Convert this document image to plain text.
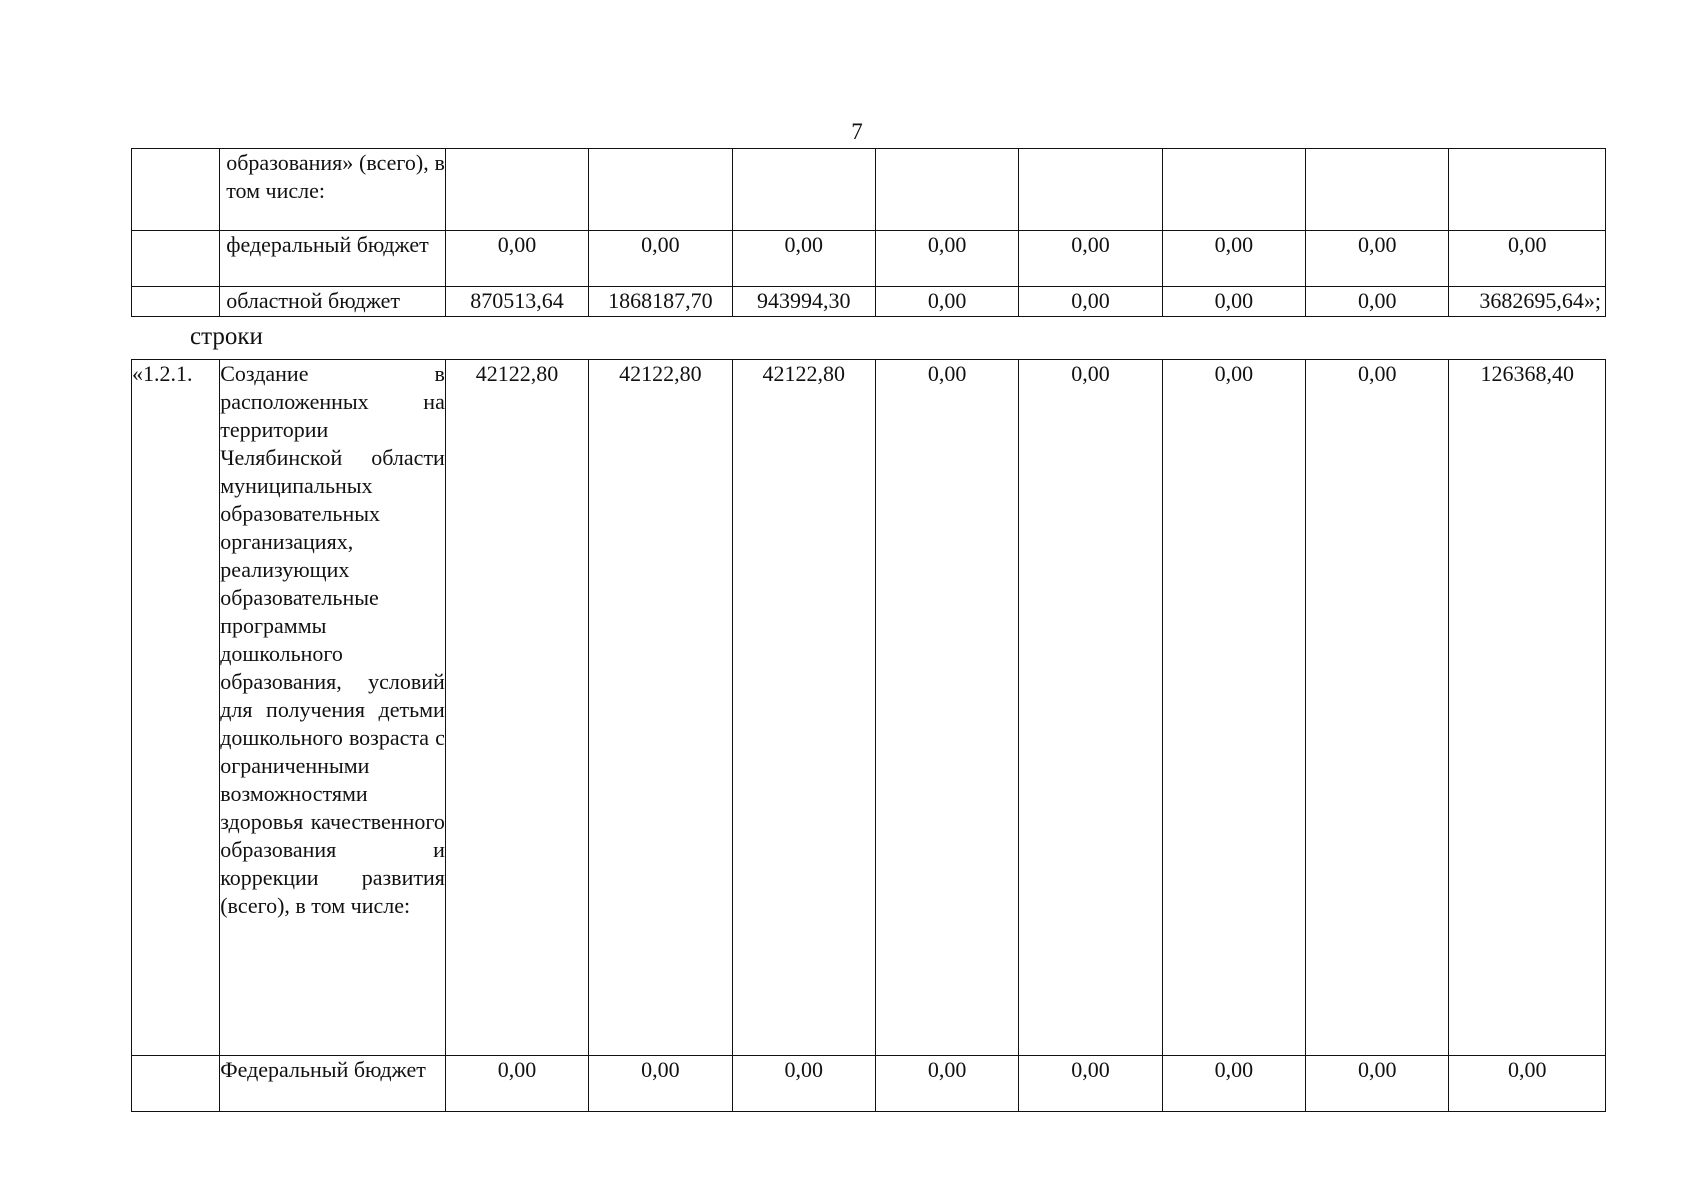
7
	образования» (всего), в том числе:								
	федеральный бюджет	0,00	0,00	0,00	0,00	0,00	0,00	0,00	0,00
	областной бюджет	870513,64	1868187,70	943994,30	0,00	0,00	0,00	0,00	3682695,64»;
строки
«1.2.1.	Создание в расположенных на территории Челябинской области муниципальных образовательных организациях, реализующих образовательные программы дошкольного образования, условий для получения детьми дошкольного возраста с ограниченными возможностями здоровья качественного образования и коррекции развития (всего), в том числе:	42122,80	42122,80	42122,80	0,00	0,00	0,00	0,00	126368,40
	Федеральный бюджет	0,00	0,00	0,00	0,00	0,00	0,00	0,00	0,00
